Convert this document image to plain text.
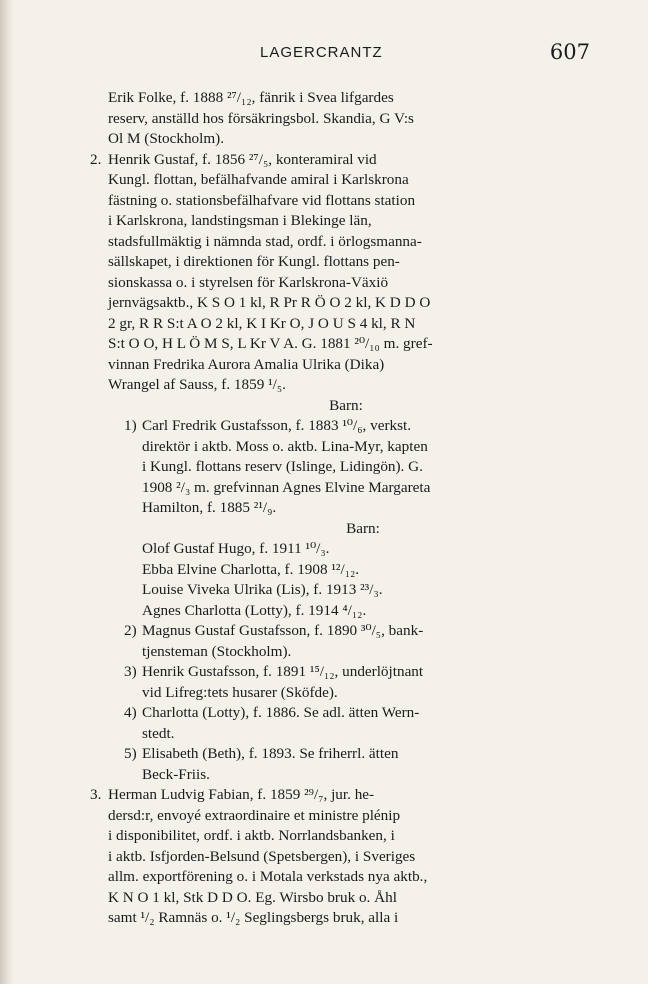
LAGERCRANTZ	607
Erik Folke, f. 1888 ²⁷/₁₂, fänrik i Svea lifgardes
reserv, anställd hos försäkringsbol. Skandia, G V:s
Ol M (Stockholm).
2. Henrik Gustaf, f. 1856 ²⁷/₅, konteramiral vid
Kungl. flottan, befälhafvande amiral i Karlskrona
fästning o. stationsbefälhafvare vid flottans station
i Karlskrona, landstingsman i Blekinge län,
stadsfullmäktig i nämnda stad, ordf. i örlogsmanna-
sällskapet, i direktionen för Kungl. flottans pen-
sionskassa o. i styrelsen för Karlskrona-Växiö
jernvägsaktb., K S O 1 kl, R Pr R Ö O 2 kl, K D D O
2 gr, R R S:t A O 2 kl, K I Kr O, J O U S 4 kl, R N
S:t O O, H L Ö M S, L Kr V A. G. 1881 ²⁰/₁₀ m. gref-
vinnan Fredrika Aurora Amalia Ulrika (Dika)
Wrangel af Sauss, f. 1859 ¹/₅.
Barn:
1) Carl Fredrik Gustafsson, f. 1883 ¹⁰/₆, verkst.
direktör i aktb. Moss o. aktb. Lina-Myr, kapten
i Kungl. flottans reserv (Islinge, Lidingön). G.
1908 ²/₃ m. grefvinnan Agnes Elvine Margareta
Hamilton, f. 1885 ²¹/₉.
Barn:
Olof Gustaf Hugo, f. 1911 ¹⁰/₃.
Ebba Elvine Charlotta, f. 1908 ¹²/₁₂.
Louise Viveka Ulrika (Lis), f. 1913 ²³/₃.
Agnes Charlotta (Lotty), f. 1914 ⁴/₁₂.
2) Magnus Gustaf Gustafsson, f. 1890 ³⁰/₅, bank-
tjensteman (Stockholm).
3) Henrik Gustafsson, f. 1891 ¹⁵/₁₂, underlöjtnant
vid Lifreg:tets husarer (Sköfde).
4) Charlotta (Lotty), f. 1886. Se adl. ätten Wern-
stedt.
5) Elisabeth (Beth), f. 1893. Se friherrl. ätten
Beck-Friis.
3. Herman Ludvig Fabian, f. 1859 ²⁹/₇, jur. he-
dersd:r, envoyé extraordinaire et ministre plénip
i disponibilitet, ordf. i aktb. Norrlandsbanken, i
i aktb. Isfjorden-Belsund (Spetsbergen), i Sveriges
allm. exportförening o. i Motala verkstads nya aktb.,
K N O 1 kl, Stk D D O. Eg. Wirsbo bruk o. Åhl
samt ¹/₂ Ramnäs o. ¹/₂ Seglingsbergs bruk, alla i
